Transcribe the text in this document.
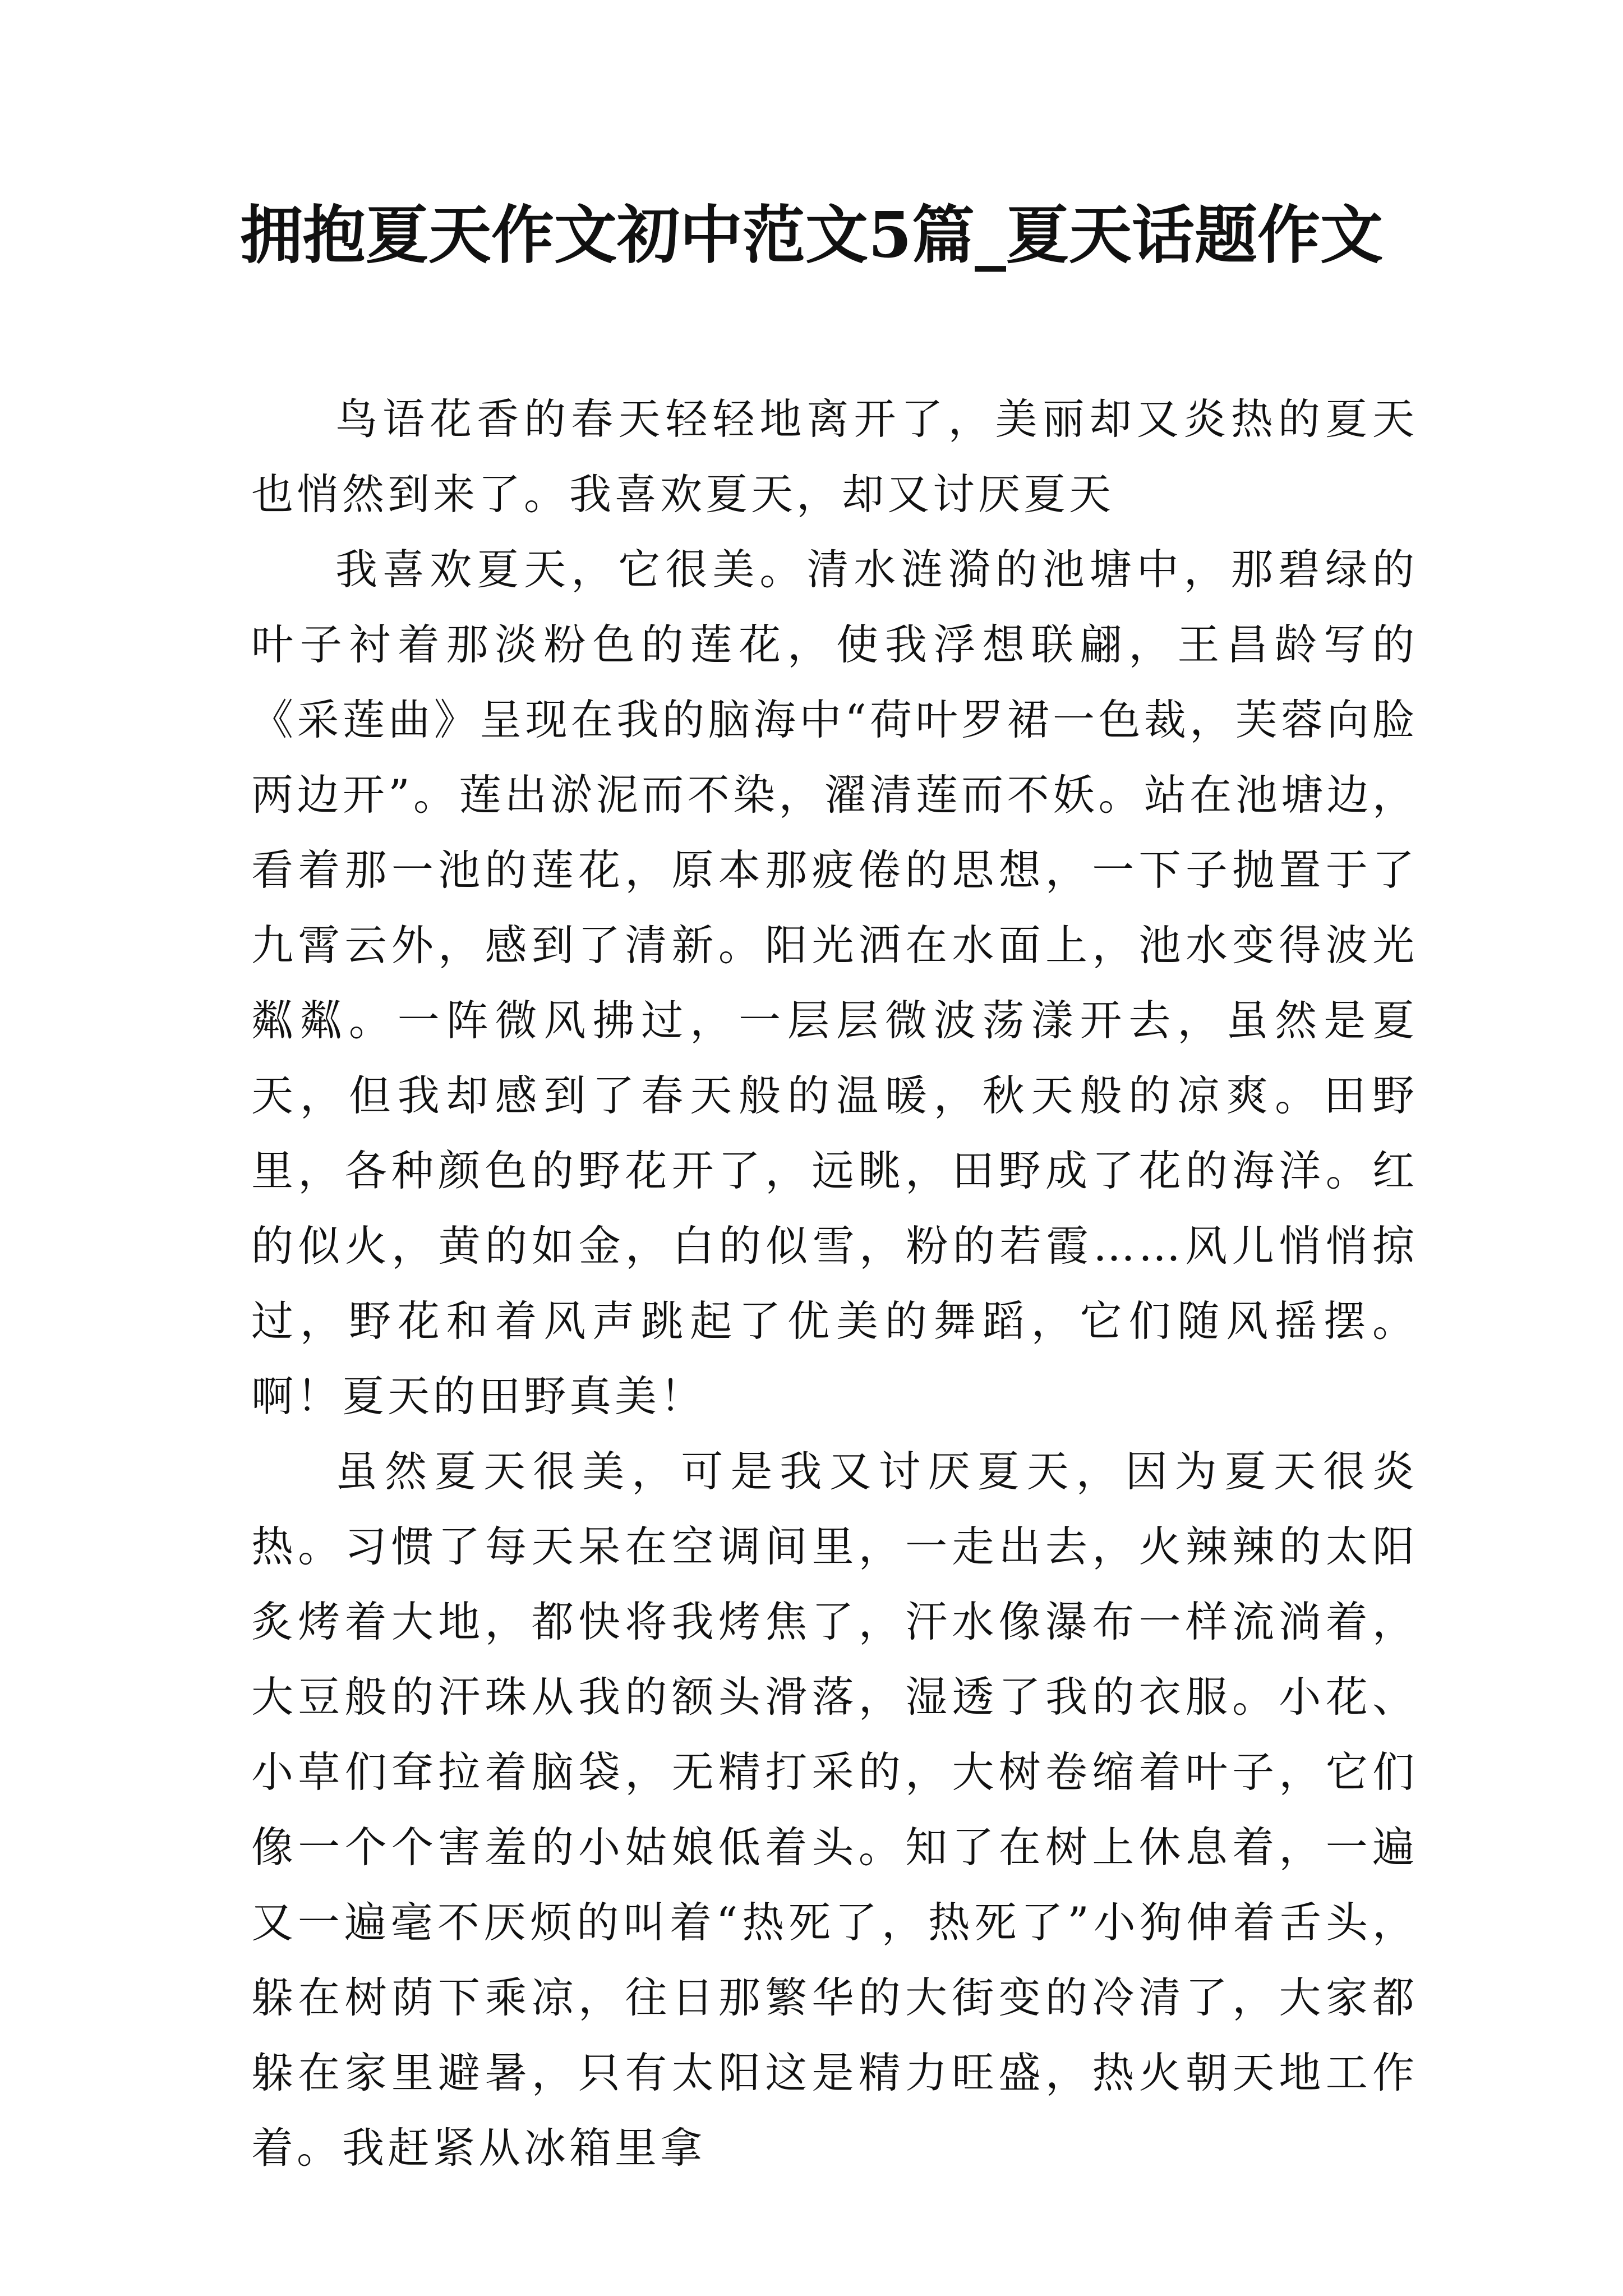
拥抱夏天作文初中范文5篇_夏天话题作文

鸟语花香的春天轻轻地离开了，美丽却又炎热的夏天也悄然到来了。我喜欢夏天，却又讨厌夏天

我喜欢夏天，它很美。清水涟漪的池塘中，那碧绿的叶子衬着那淡粉色的莲花，使我浮想联翩，王昌龄写的《采莲曲》呈现在我的脑海中“荷叶罗裙一色裁，芙蓉向脸两边开”。莲出淤泥而不染，濯清莲而不妖。站在池塘边，看着那一池的莲花，原本那疲倦的思想，一下子抛置于了九霄云外，感到了清新。阳光洒在水面上，池水变得波光粼粼。一阵微风拂过，一层层微波荡漾开去，虽然是夏天，但我却感到了春天般的温暖，秋天般的凉爽。田野里，各种颜色的野花开了，远眺，田野成了花的海洋。红的似火，黄的如金，白的似雪，粉的若霞……风儿悄悄掠过，野花和着风声跳起了优美的舞蹈，它们随风摇摆。啊！夏天的田野真美！

虽然夏天很美，可是我又讨厌夏天，因为夏天很炎热。习惯了每天呆在空调间里，一走出去，火辣辣的太阳炙烤着大地，都快将我烤焦了，汗水像瀑布一样流淌着，大豆般的汗珠从我的额头滑落，湿透了我的衣服。小花、小草们耷拉着脑袋，无精打采的，大树卷缩着叶子，它们像一个个害羞的小姑娘低着头。知了在树上休息着，一遍又一遍毫不厌烦的叫着“热死了，热死了”小狗伸着舌头，躲在树荫下乘凉，往日那繁华的大街变的冷清了，大家都躲在家里避暑，只有太阳这是精力旺盛，热火朝天地工作着。我赶紧从冰箱里拿
